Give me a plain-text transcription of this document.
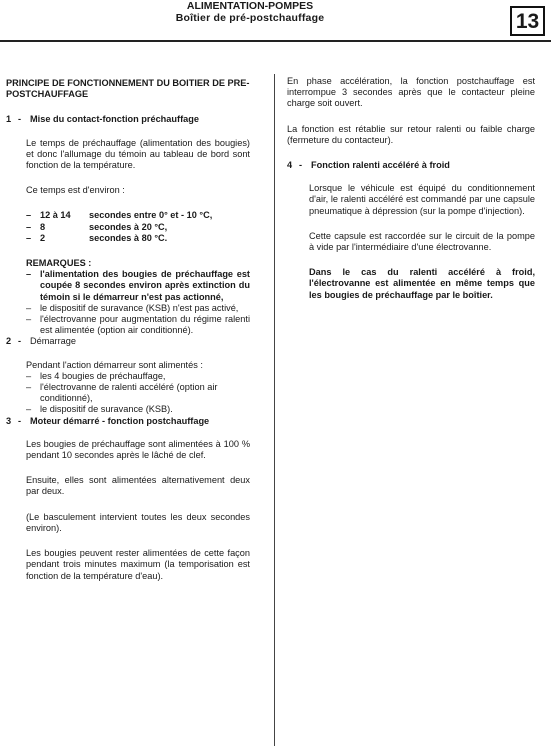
ALIMENTATION-POMPES
Boîtier de pré-postchauffage	13

PRINCIPE DE FONCTIONNEMENT DU BOITIER DE PRE-POSTCHAUFFAGE

1 - Mise du contact-fonction préchauffage

Le temps de préchauffage (alimentation des bougies) et donc l'allumage du témoin au tableau de bord sont fonction de la température.

Ce temps est d'environ :

– 12 à 14	secondes entre 0° et - 10 °C,
– 8	secondes à 20 °C,
– 2	secondes à 80 °C.

REMARQUES :

– l'alimentation des bougies de préchauffage est coupée 8 secondes environ après extinction du témoin si le démarreur n'est pas actionné,
– le dispositif de suravance (KSB) n'est pas activé,
– l'électrovanne pour augmentation du régime ralenti est alimentée (option air conditionné).
2 - Démarrage

Pendant l'action démarreur sont alimentés :

– les 4 bougies de préchauffage,
– l'électrovanne de ralenti accéléré (option air conditionné),
– le dispositif de suravance (KSB).
3 - Moteur démarré - fonction postchauffage

Les bougies de préchauffage sont alimentées à 100 % pendant 10 secondes après le lâché de clef.

Ensuite, elles sont alimentées alternativement deux par deux.

(Le basculement intervient toutes les deux secondes environ).

Les bougies peuvent rester alimentées de cette façon pendant trois minutes maximum (la temporisation est fonction de la température d'eau).

En phase accélération, la fonction postchauffage est interrompue 3 secondes après que le contacteur pleine charge soit ouvert.

La fonction est rétablie sur retour ralenti ou faible charge (fermeture du contacteur).

4 - Fonction ralenti accéléré à froid

Lorsque le véhicule est équipé du conditionnement d'air, le ralenti accéléré est commandé par une capsule pneumatique à dépression (sur la pompe d'injection).

Cette capsule est raccordée sur le circuit de la pompe à vide par l'intermédiaire d'une électrovanne.

Dans le cas du ralenti accéléré à froid, l'électrovanne est alimentée en même temps que les bougies de préchauffage par le boîtier.
